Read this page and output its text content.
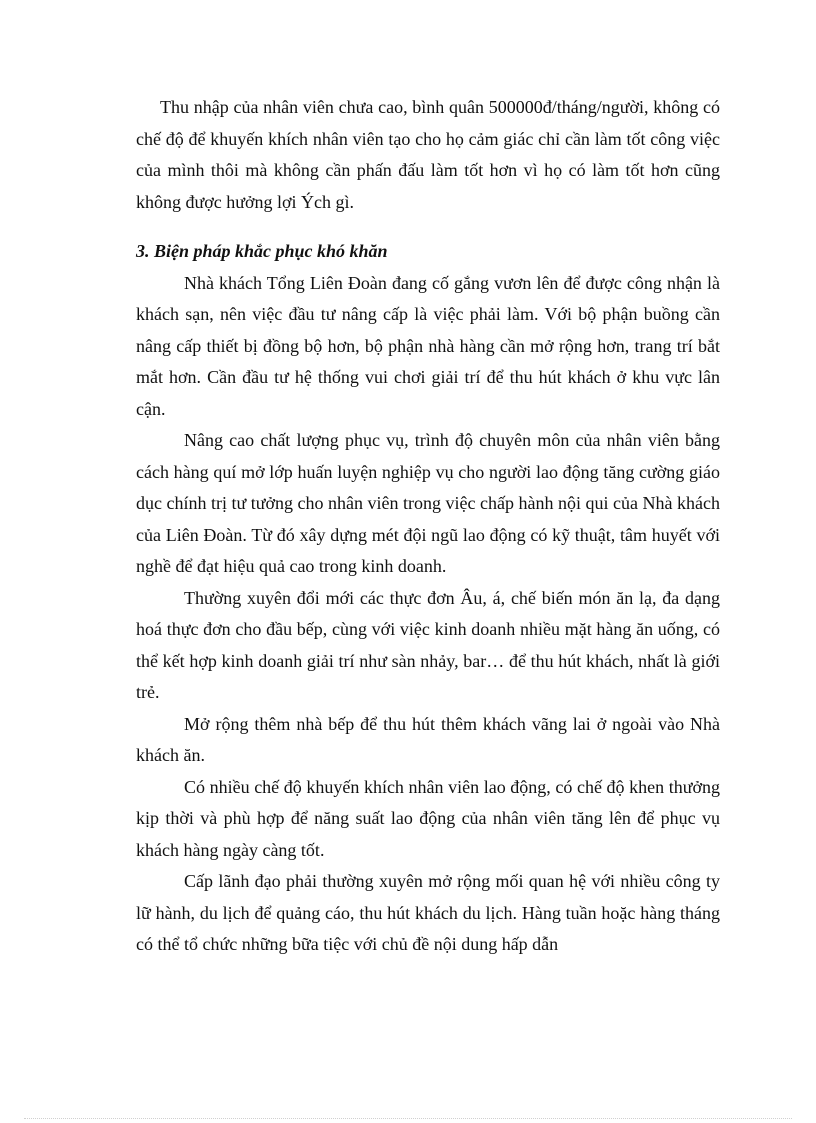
Thu nhập của nhân viên chưa cao, bình quân 500000đ/tháng/người, không có chế độ để khuyến khích nhân viên tạo cho họ cảm giác chỉ cần làm tốt công việc của mình thôi mà không cần phấn đấu làm tốt hơn vì họ có làm tốt hơn cũng không được hưởng lợi Ých gì.

3. Biện pháp khắc phục khó khăn

Nhà khách Tổng Liên Đoàn đang cố gắng vươn lên để được công nhận là khách sạn, nên việc đầu tư nâng cấp là việc phải làm. Với bộ phận buồng cần nâng cấp thiết bị đồng bộ hơn, bộ phận nhà hàng cần mở rộng hơn, trang trí bắt mắt hơn. Cần đầu tư hệ thống vui chơi giải trí để thu hút khách ở khu vực lân cận.

Nâng cao chất lượng phục vụ, trình độ chuyên môn của nhân viên bằng cách hàng quí mở lớp huấn luyện nghiệp vụ cho người lao động tăng cường giáo dục chính trị tư tưởng cho nhân viên trong việc chấp hành nội qui của Nhà khách của Liên Đoàn. Từ đó xây dựng mét đội ngũ lao động có kỹ thuật, tâm huyết với nghề để đạt hiệu quả cao trong kinh doanh.

Thường xuyên đổi mới các thực đơn Âu, á, chế biến món ăn lạ, đa dạng hoá thực đơn cho đầu bếp, cùng với việc kinh doanh nhiều mặt hàng ăn uống, có thể kết hợp kinh doanh giải trí như sàn nhảy, bar… để thu hút khách, nhất là giới trẻ.

Mở rộng thêm nhà bếp để thu hút thêm khách vãng lai ở ngoài vào Nhà khách ăn.

Có nhiều chế độ khuyến khích nhân viên lao động, có chế độ khen thưởng kịp thời và phù hợp để năng suất lao động của nhân viên tăng lên để phục vụ khách hàng ngày càng tốt.

Cấp lãnh đạo phải thường xuyên mở rộng mối quan hệ với nhiều công ty lữ hành, du lịch để quảng cáo, thu hút khách du lịch. Hàng tuần hoặc hàng tháng có thể tổ chức những bữa tiệc với chủ đề nội dung hấp dẫn
